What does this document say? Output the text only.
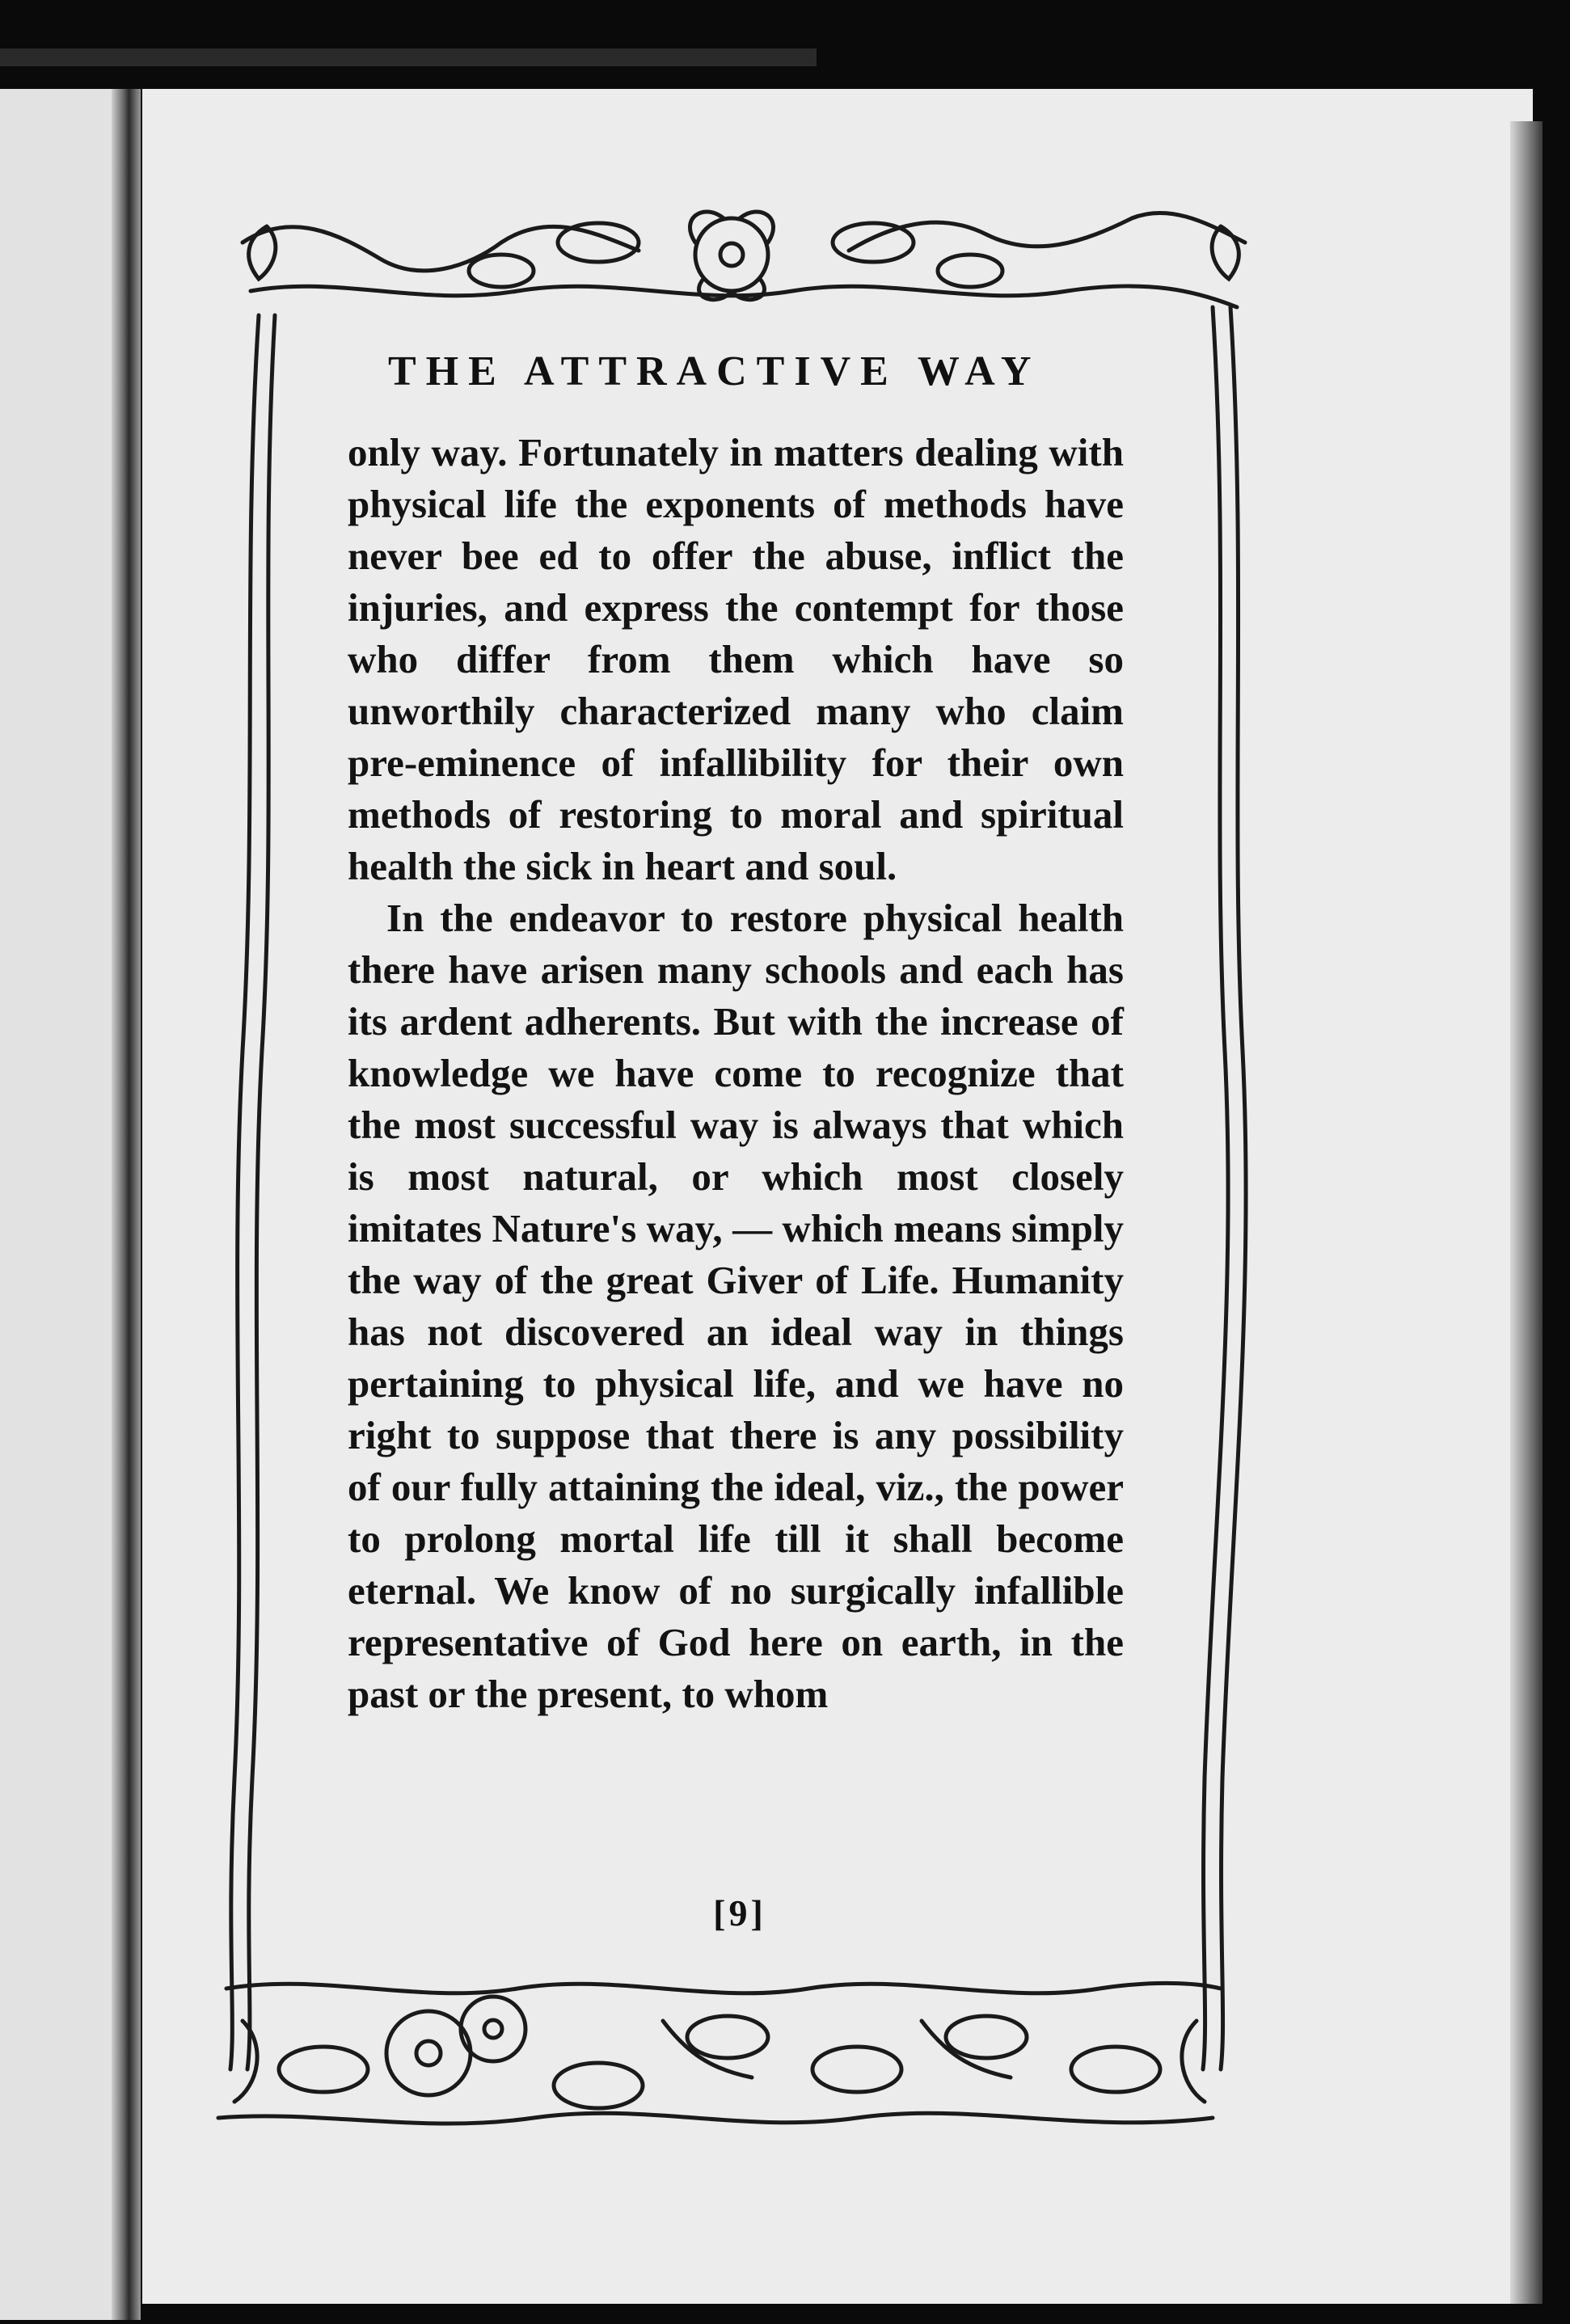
THE ATTRACTIVE WAY

only way. Fortunately in matters dealing with physical life the exponents of methods have never bee ed to offer the abuse, inflict the injuries, and express the contempt for those who differ from them which have so unworthily characterized many who claim pre-eminence of infallibility for their own methods of restoring to moral and spiritual health the sick in heart and soul.

In the endeavor to restore physical health there have arisen many schools and each has its ardent adherents. But with the increase of knowledge we have come to recognize that the most successful way is always that which is most natural, or which most closely imitates Nature's way, — which means simply the way of the great Giver of Life. Humanity has not discovered an ideal way in things pertaining to physical life, and we have no right to suppose that there is any possibility of our fully attaining the ideal, viz., the power to prolong mortal life till it shall become eternal. We know of no surgically infallible representative of God here on earth, in the past or the present, to whom

[9]
